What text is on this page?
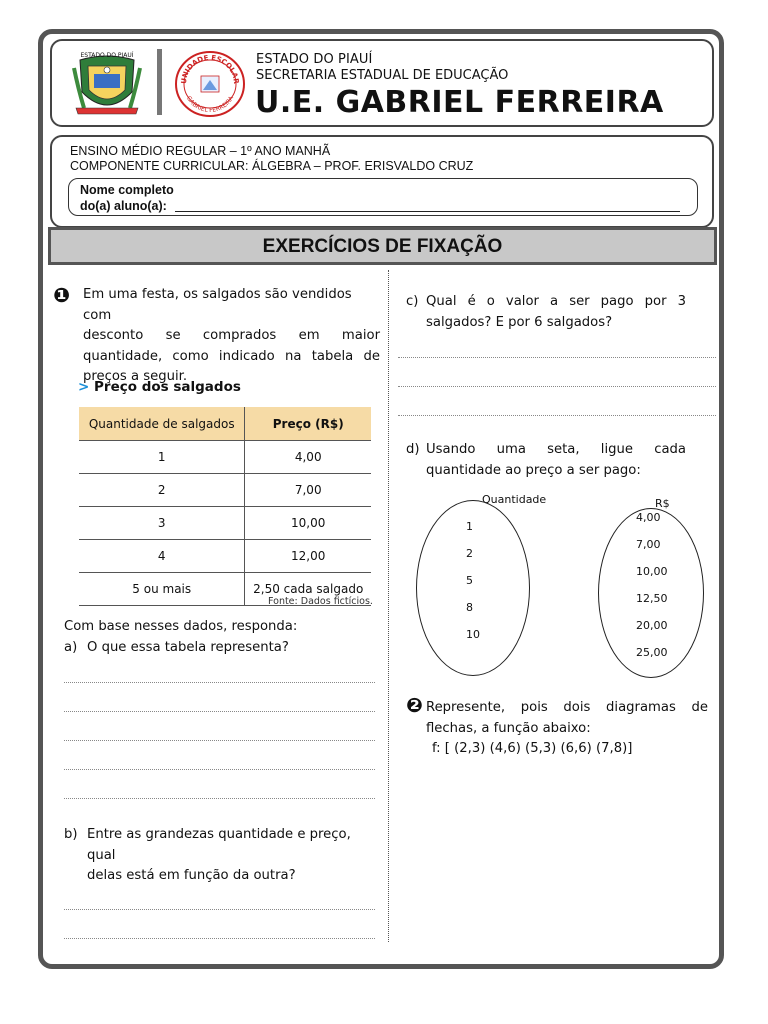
ESTADO DO PIAUÍ
UNIDADE ESCOLAR
GABRIEL FERREIRA
ESTADO DO PIAUÍ
SECRETARIA ESTADUAL DE EDUCAÇÃO
U.E. GABRIEL FERREIRA
ENSINO MÉDIO REGULAR – 1º ANO MANHÃ
COMPONENTE CURRICULAR: ÁLGEBRA – PROF. ERISVALDO CRUZ
Nome completo
do(a) aluno(a):
EXERCÍCIOS DE FIXAÇÃO
❶ Em uma festa, os salgados são vendidos com
desconto se comprados em maior
quantidade, como indicado na tabela de
preços a seguir.
> Preço dos salgados
Quantidade de salgados	Preço (R$)
1	4,00
2	7,00
3	10,00
4	12,00
5 ou mais	2,50 cada salgado
Fonte: Dados fictícios.
Com base nesses dados, responda:
a) O que essa tabela representa?
b) Entre as grandezas quantidade e preço, qual
delas está em função da outra?
c) Qual é o valor a ser pago por 3
salgados? E por 6 salgados?
d) Usando uma seta, ligue cada
quantidade ao preço a ser pago:
Quantidade	R$
1
2
5
8
10
4,00
7,00
10,00
12,50
20,00
25,00
❷ Represente, pois dois diagramas de
flechas, a função abaixo:
f: [ (2,3) (4,6) (5,3) (6,6) (7,8)]
